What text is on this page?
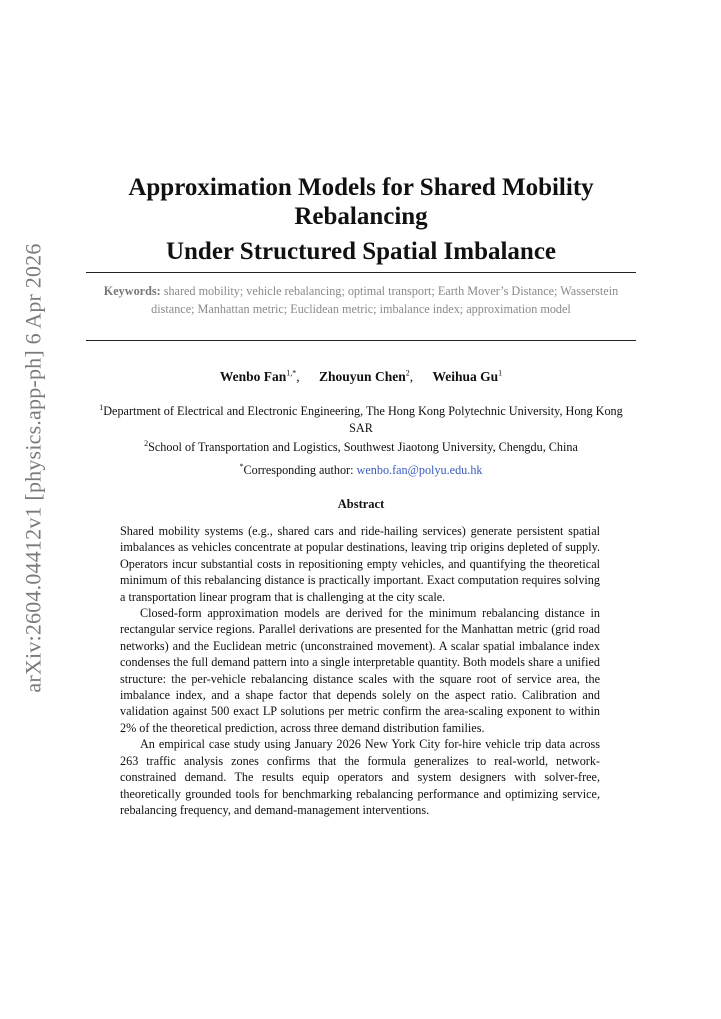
arXiv:2604.04412v1 [physics.app-ph] 6 Apr 2026
Approximation Models for Shared Mobility
Rebalancing
Under Structured Spatial Imbalance
Keywords: shared mobility; vehicle rebalancing; optimal transport; Earth Mover’s Distance; Wasserstein distance; Manhattan metric; Euclidean metric; imbalance index; approximation model
Wenbo Fan$^{1,*}$, Zhouyun Chen$^2$, Weihua Gu$^1$
$^1$Department of Electrical and Electronic Engineering, The Hong Kong Polytechnic University, Hong Kong SAR
$^2$School of Transportation and Logistics, Southwest Jiaotong University, Chengdu, China
*Corresponding author: wenbo.fan@polyu.edu.hk
Abstract

Shared mobility systems (e.g., shared cars and ride-hailing services) generate persistent spatial imbalances as vehicles concentrate at popular destinations, leaving trip origins depleted of supply. Operators incur substantial costs in repositioning empty vehicles, and quantifying the theoretical minimum of this rebalancing distance is practically important. Exact computation requires solving a transportation linear program that is challenging at the city scale.

Closed-form approximation models are derived for the minimum rebalancing distance in rectangular service regions. Parallel derivations are presented for the Manhattan metric (grid road networks) and the Euclidean metric (unconstrained movement). A scalar spatial imbalance index condenses the full demand pattern into a single interpretable quantity. Both models share a unified structure: the per-vehicle rebalancing distance scales with the square root of service area, the imbalance index, and a shape factor that depends solely on the aspect ratio. Calibration and validation against 500 exact LP solutions per metric confirm the area-scaling exponent to within 2% of the theoretical prediction, across three demand distribution families.

An empirical case study using January 2026 New York City for-hire vehicle trip data across 263 traffic analysis zones confirms that the formula generalizes to real-world, network-constrained demand. The results equip operators and system designers with solver-free, theoretically grounded tools for benchmarking rebalancing performance and optimizing service, rebalancing frequency, and demand-management interventions.
